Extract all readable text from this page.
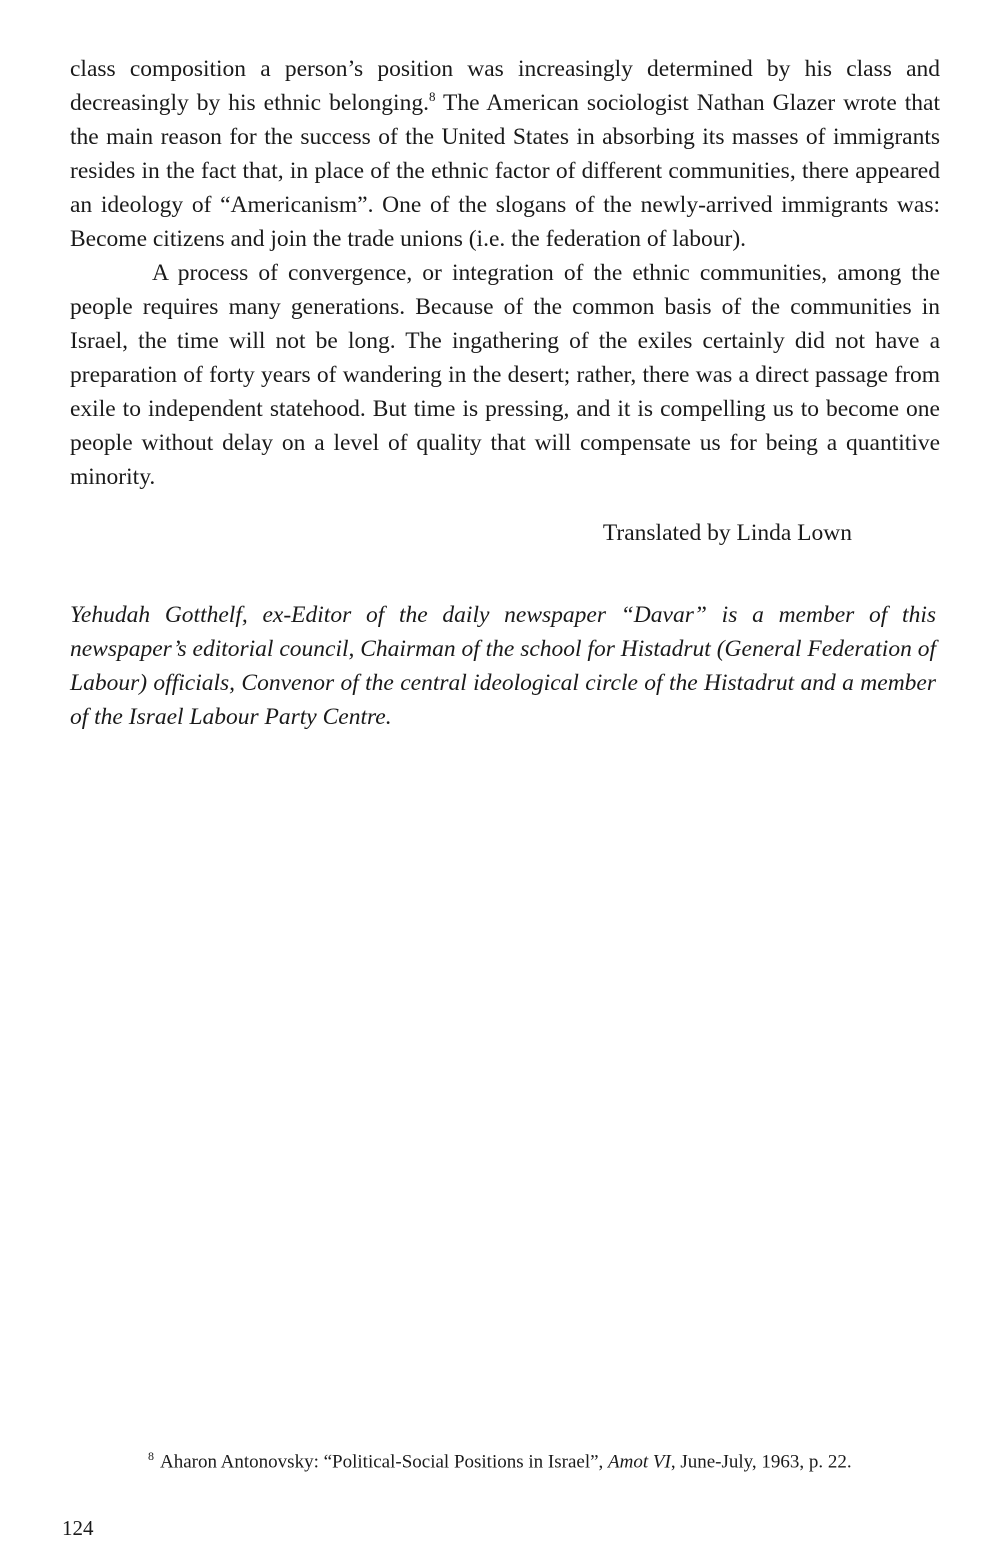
class composition a person’s position was increasingly determined by his class and decreasingly by his ethnic belonging.$^8$ The American sociologist Nathan Glazer wrote that the main reason for the success of the United States in absorbing its masses of immigrants resides in the fact that, in place of the ethnic factor of different communities, there appeared an ideology of “Americanism”. One of the slogans of the newly-arrived immigrants was: Become citizens and join the trade unions (i.e. the federation of labour).

A process of convergence, or integration of the ethnic communities, among the people requires many generations. Because of the common basis of the communities in Israel, the time will not be long. The ingathering of the exiles certainly did not have a preparation of forty years of wandering in the desert; rather, there was a direct passage from exile to independent statehood. But time is pressing, and it is compelling us to become one people without delay on a level of quality that will compensate us for being a quantitive minority.

Translated by Linda Lown

Yehudah Gotthelf, ex-Editor of the daily newspaper “Davar” is a member of this newspaper’s editorial council, Chairman of the school for Histadrut (General Federation of Labour) officials, Convenor of the central ideological circle of the Histadrut and a member of the Israel Labour Party Centre.

$^8$ Aharon Antonovsky: “Political-Social Positions in Israel”, Amot VI, June-July, 1963, p. 22.
124
